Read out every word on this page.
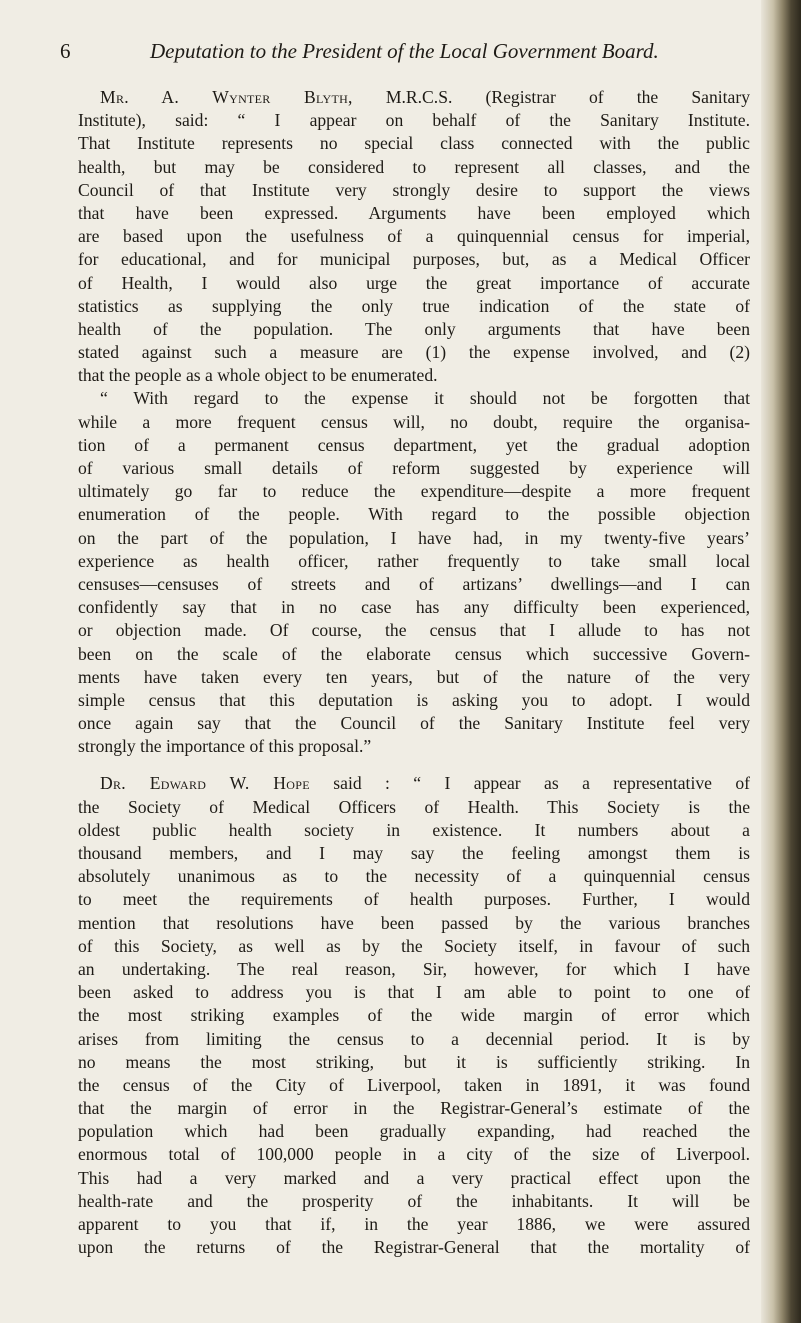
6	Deputation to the President of the Local Government Board.
Mr. A. Wynter Blyth, M.R.C.S. (Registrar of the Sanitary
Institute), said: “ I appear on behalf of the Sanitary Institute.
That Institute represents no special class connected with the public
health, but may be considered to represent all classes, and the
Council of that Institute very strongly desire to support the views
that have been expressed. Arguments have been employed which
are based upon the usefulness of a quinquennial census for imperial,
for educational, and for municipal purposes, but, as a Medical Officer
of Health, I would also urge the great importance of accurate
statistics as supplying the only true indication of the state of
health of the population. The only arguments that have been
stated against such a measure are (1) the expense involved, and (2)
that the people as a whole object to be enumerated.
“ With regard to the expense it should not be forgotten that
while a more frequent census will, no doubt, require the organisa-
tion of a permanent census department, yet the gradual adoption
of various small details of reform suggested by experience will
ultimately go far to reduce the expenditure—despite a more frequent
enumeration of the people. With regard to the possible objection
on the part of the population, I have had, in my twenty-five years’
experience as health officer, rather frequently to take small local
censuses—censuses of streets and of artizans’ dwellings—and I can
confidently say that in no case has any difficulty been experienced,
or objection made. Of course, the census that I allude to has not
been on the scale of the elaborate census which successive Govern-
ments have taken every ten years, but of the nature of the very
simple census that this deputation is asking you to adopt. I would
once again say that the Council of the Sanitary Institute feel very
strongly the importance of this proposal.”
Dr. Edward W. Hope said : “ I appear as a representative of
the Society of Medical Officers of Health. This Society is the
oldest public health society in existence. It numbers about a
thousand members, and I may say the feeling amongst them is
absolutely unanimous as to the necessity of a quinquennial census
to meet the requirements of health purposes. Further, I would
mention that resolutions have been passed by the various branches
of this Society, as well as by the Society itself, in favour of such
an undertaking. The real reason, Sir, however, for which I have
been asked to address you is that I am able to point to one of
the most striking examples of the wide margin of error which
arises from limiting the census to a decennial period. It is by
no means the most striking, but it is sufficiently striking. In
the census of the City of Liverpool, taken in 1891, it was found
that the margin of error in the Registrar-General’s estimate of the
population which had been gradually expanding, had reached the
enormous total of 100,000 people in a city of the size of Liverpool.
This had a very marked and a very practical effect upon the
health-rate and the prosperity of the inhabitants. It will be
apparent to you that if, in the year 1886, we were assured
upon the returns of the Registrar-General that the mortality of
